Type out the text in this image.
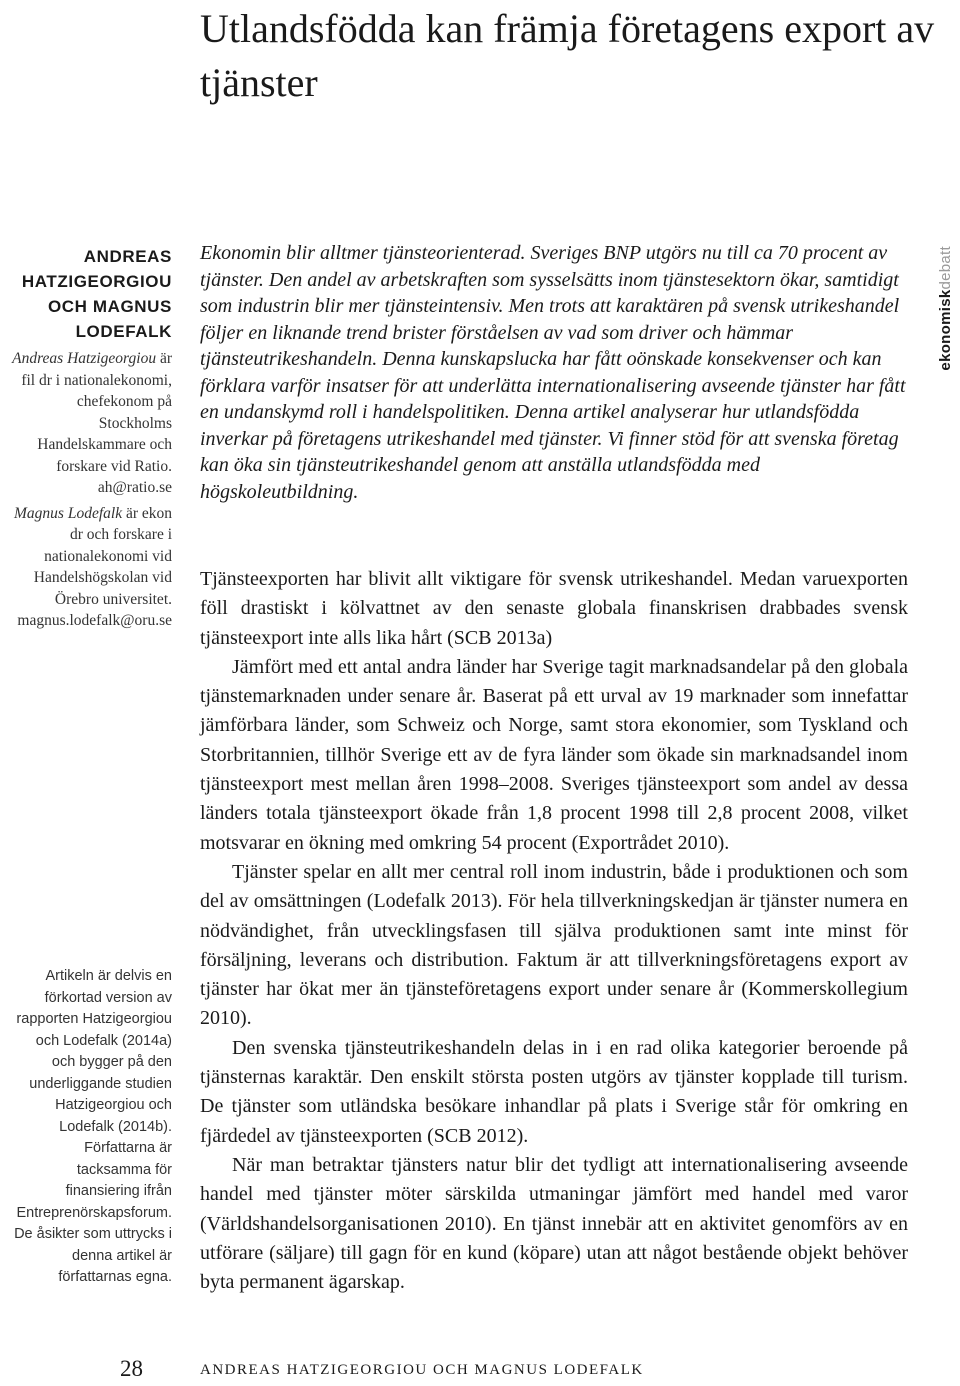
Utlandsfödda kan främja företagens export av tjänster
ANDREAS HATZIGEORGIOU OCH MAGNUS LODEFALK
Andreas Hatzigeorgiou är fil dr i nationalekonomi, chefekonom på Stockholms Handelskammare och forskare vid Ratio. ah@ratio.se
Magnus Lodefalk är ekon dr och forskare i nationalekonomi vid Handelshögskolan vid Örebro universitet. magnus.lodefalk@oru.se
Artikeln är delvis en förkortad version av rapporten Hatzigeorgiou och Lodefalk (2014a) och bygger på den underliggande studien Hatzigeorgiou och Lodefalk (2014b). Författarna är tacksamma för finansiering ifrån Entreprenörskapsforum. De åsikter som uttrycks i denna artikel är författarnas egna.
ekonomiskdebatt
Ekonomin blir alltmer tjänsteorienterad. Sveriges BNP utgörs nu till ca 70 procent av tjänster. Den andel av arbetskraften som sysselsätts inom tjänstesektorn ökar, samtidigt som industrin blir mer tjänsteintensiv. Men trots att karaktären på svensk utrikeshandel följer en liknande trend brister förståelsen av vad som driver och hämmar tjänsteutrikeshandeln. Denna kunskapslucka har fått oönskade konsekvenser och kan förklara varför insatser för att underlätta internationalisering avseende tjänster har fått en undanskymd roll i handelspolitiken. Denna artikel analyserar hur utlandsfödda inverkar på företagens utrikeshandel med tjänster. Vi finner stöd för att svenska företag kan öka sin tjänsteutrikeshandel genom att anställa utlandsfödda med högskoleutbildning.

Tjänsteexporten har blivit allt viktigare för svensk utrikeshandel. Medan varuexporten föll drastiskt i kölvattnet av den senaste globala finanskrisen drabbades svensk tjänsteexport inte alls lika hårt (SCB 2013a)

Jämfört med ett antal andra länder har Sverige tagit marknadsandelar på den globala tjänstemarknaden under senare år. Baserat på ett urval av 19 marknader som innefattar jämförbara länder, som Schweiz och Norge, samt stora ekonomier, som Tyskland och Storbritannien, tillhör Sverige ett av de fyra länder som ökade sin marknadsandel inom tjänsteexport mest mellan åren 1998–2008. Sveriges tjänsteexport som andel av dessa länders totala tjänsteexport ökade från 1,8 procent 1998 till 2,8 procent 2008, vilket motsvarar en ökning med omkring 54 procent (Exportrådet 2010).

Tjänster spelar en allt mer central roll inom industrin, både i produktionen och som del av omsättningen (Lodefalk 2013). För hela tillverkningskedjan är tjänster numera en nödvändighet, från utvecklingsfasen till själva produktionen samt inte minst för försäljning, leverans och distribution. Faktum är att tillverkningsföretagens export av tjänster har ökat mer än tjänsteföretagens export under senare år (Kommerskollegium 2010).

Den svenska tjänsteutrikeshandeln delas in i en rad olika kategorier beroende på tjänsternas karaktär. Den enskilt största posten utgörs av tjänster kopplade till turism. De tjänster som utländska besökare inhandlar på plats i Sverige står för omkring en fjärdedel av tjänsteexporten (SCB 2012).

När man betraktar tjänsters natur blir det tydligt att internationalisering avseende handel med tjänster möter särskilda utmaningar jämfört med handel med varor (Världshandelsorganisationen 2010). En tjänst innebär att en aktivitet genomförs av en utförare (säljare) till gagn för en kund (köpare) utan att något bestående objekt behöver byta permanent ägarskap.

28	ANDREAS HATZIGEORGIOU OCH MAGNUS LODEFALK
